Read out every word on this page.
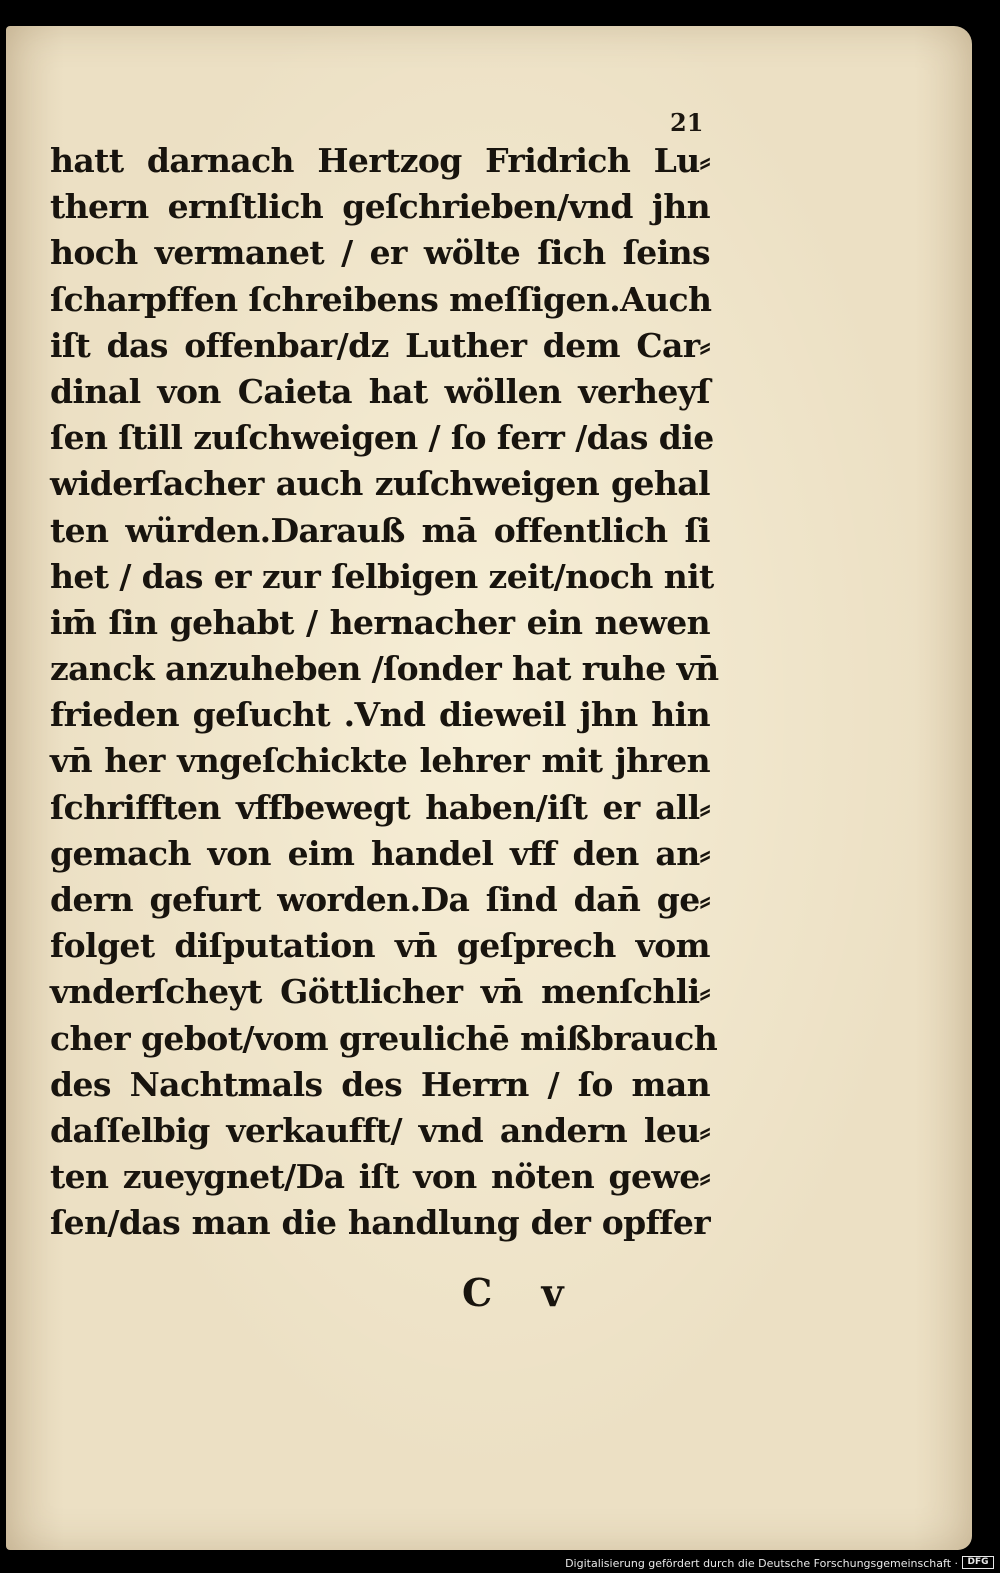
21
hatt darnach Hertzog Fridrich Lu⸗
thern ernſtlich geſchrieben/vnd jhn
hoch vermanet / er wölte ſich ſeins
ſcharpffen ſchreibens meſſigen.Auch
iſt das offenbar/dz Luther dem Car⸗
dinal von Caieta hat wöllen verheyſ
ſen ſtill zuſchweigen / ſo ferr /das die
widerſacher auch zuſchweigen gehal
ten würden.Darauß mā offentlich ſi
het / das er zur ſelbigen zeit/noch nit
im̄ ſin gehabt / hernacher ein newen
zanck anzuheben /ſonder hat ruhe vn̄
frieden geſucht .Vnd dieweil jhn hin
vn̄ her vngeſchickte lehrer mit jhren
ſchrifften vffbewegt haben/iſt er all⸗
gemach von eim handel vff den an⸗
dern gefurt worden.Da ſind dan̄ ge⸗
folget diſputation vn̄ geſprech vom
vnderſcheyt Göttlicher vn̄ menſchli⸗
cher gebot/vom greulichē mißbrauch
des Nachtmals des Herrn / ſo man
daſſelbig verkaufft/ vnd andern leu⸗
ten zueygnet/Da iſt von nöten gewe⸗
ſen/das man die handlung der opffer
C v
Digitalisierung gefördert durch die Deutsche Forschungsgemeinschaft ·	DFG
